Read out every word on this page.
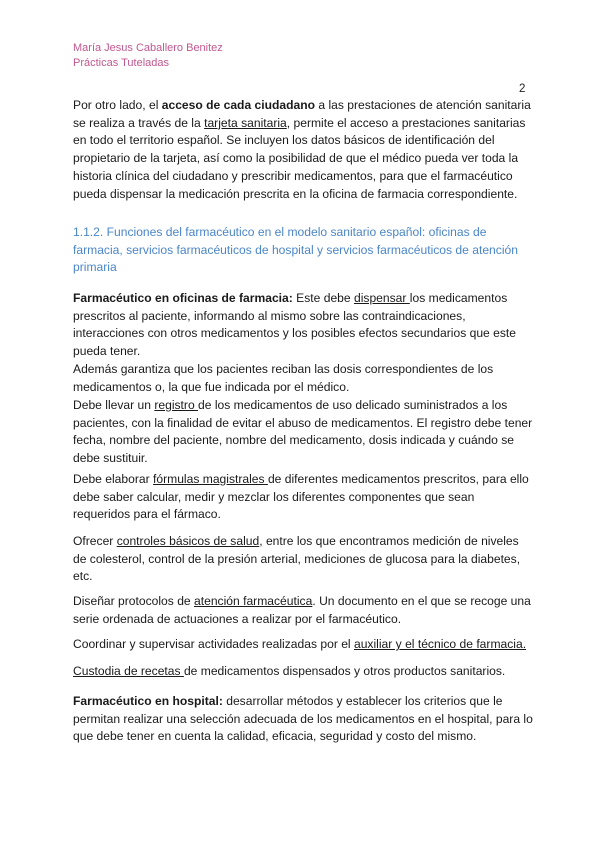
María Jesus Caballero Benitez
Prácticas Tuteladas
2

Por otro lado, el acceso de cada ciudadano a las prestaciones de atención sanitaria se realiza a través de la tarjeta sanitaria, permite el acceso a prestaciones sanitarias en todo el territorio español. Se incluyen los datos básicos de identificación del propietario de la tarjeta, así como la posibilidad de que el médico pueda ver toda la historia clínica del ciudadano y prescribir medicamentos, para que el farmacéutico pueda dispensar la medicación prescrita en la oficina de farmacia correspondiente.

1.1.2. Funciones del farmacéutico en el modelo sanitario español: oficinas de farmacia, servicios farmacéuticos de hospital y servicios farmacéuticos de atención primaria

Farmacéutico en oficinas de farmacia: Este debe dispensar los medicamentos prescritos al paciente, informando al mismo sobre las contraindicaciones, interacciones con otros medicamentos y los posibles efectos secundarios que este pueda tener.
Además garantiza que los pacientes reciban las dosis correspondientes de los medicamentos o, la que fue indicada por el médico.

Debe llevar un registro de los medicamentos de uso delicado suministrados a los pacientes, con la finalidad de evitar el abuso de medicamentos. El registro debe tener fecha, nombre del paciente, nombre del medicamento, dosis indicada y cuándo se debe sustituir.

Debe elaborar fórmulas magistrales de diferentes medicamentos prescritos, para ello debe saber calcular, medir y mezclar los diferentes componentes que sean requeridos para el fármaco.

Ofrecer controles básicos de salud, entre los que encontramos medición de niveles de colesterol, control de la presión arterial, mediciones de glucosa para la diabetes, etc.

Diseñar protocolos de atención farmacéutica. Un documento en el que se recoge una serie ordenada de actuaciones a realizar por el farmacéutico.

Coordinar y supervisar actividades realizadas por el auxiliar y el técnico de farmacia.

Custodia de recetas de medicamentos dispensados y otros productos sanitarios.

Farmacéutico en hospital: desarrollar métodos y establecer los criterios que le permitan realizar una selección adecuada de los medicamentos en el hospital, para lo que debe tener en cuenta la calidad, eficacia, seguridad y costo del mismo.
